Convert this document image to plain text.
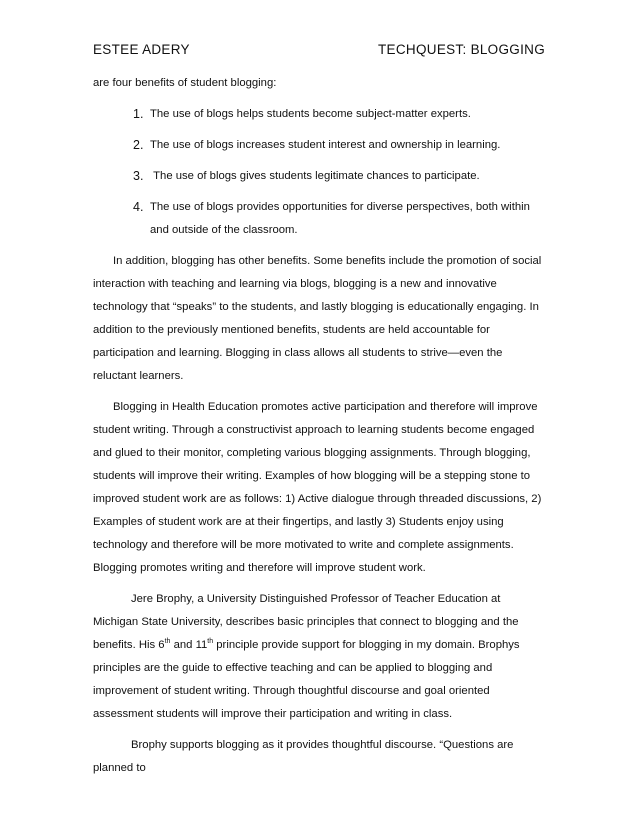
ESTEE ADERY	TECHQUEST: BLOGGING

are four benefits of student blogging:

1. The use of blogs helps students become subject-matter experts.
2. The use of blogs increases student interest and ownership in learning.
3. The use of blogs gives students legitimate chances to participate.
4. The use of blogs provides opportunities for diverse perspectives, both within and outside of the classroom.

In addition, blogging has other benefits. Some benefits include the promotion of social interaction with teaching and learning via blogs, blogging is a new and innovative technology that “speaks” to the students, and lastly blogging is educationally engaging. In addition to the previously mentioned benefits, students are held accountable for participation and learning. Blogging in class allows all students to strive—even the reluctant learners.

Blogging in Health Education promotes active participation and therefore will improve student writing. Through a constructivist approach to learning students become engaged and glued to their monitor, completing various blogging assignments. Through blogging, students will improve their writing. Examples of how blogging will be a stepping stone to improved student work are as follows: 1) Active dialogue through threaded discussions, 2) Examples of student work are at their fingertips, and lastly 3) Students enjoy using technology and therefore will be more motivated to write and complete assignments. Blogging promotes writing and therefore will improve student work.

Jere Brophy, a University Distinguished Professor of Teacher Education at Michigan State University, describes basic principles that connect to blogging and the benefits. His 6th and 11th principle provide support for blogging in my domain. Brophys principles are the guide to effective teaching and can be applied to blogging and improvement of student writing. Through thoughtful discourse and goal oriented assessment students will improve their participation and writing in class.

Brophy supports blogging as it provides thoughtful discourse. “Questions are planned to
